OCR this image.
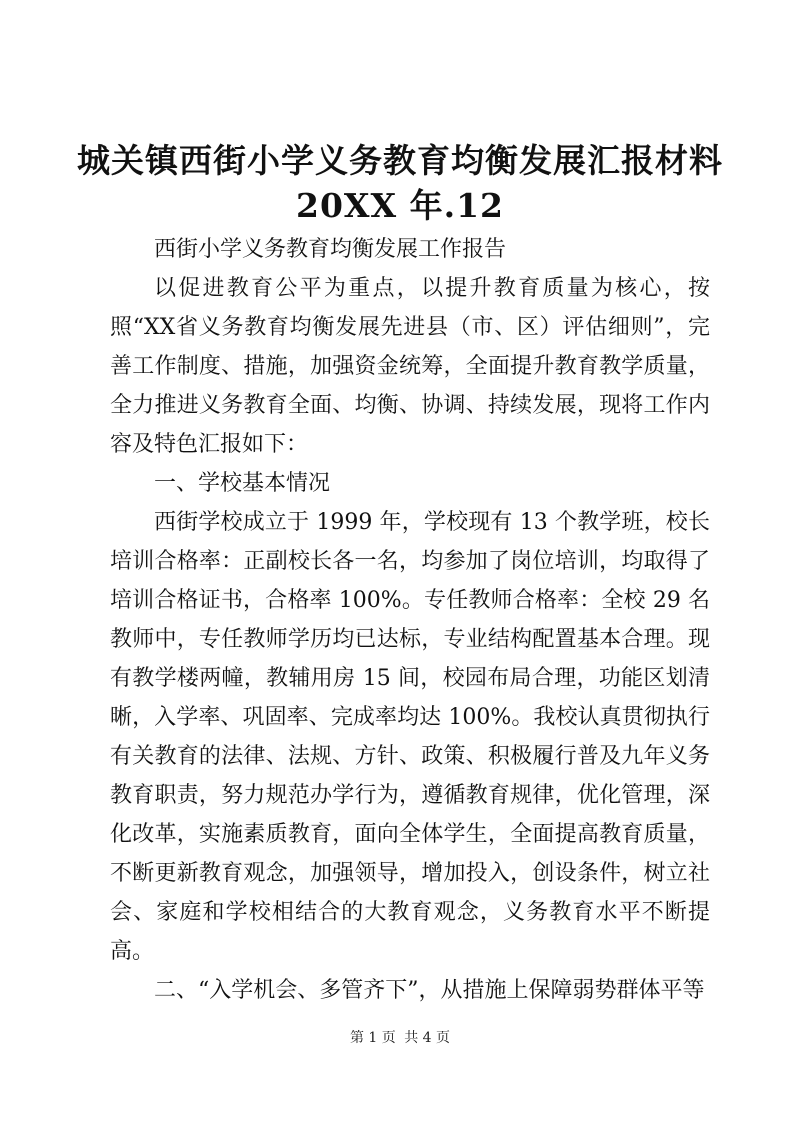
城关镇西街小学义务教育均衡发展汇报材料
20XX 年.12

西街小学义务教育均衡发展工作报告

以促进教育公平为重点，以提升教育质量为核心，按照“XX省义务教育均衡发展先进县（市、区）评估细则”，完善工作制度、措施，加强资金统筹，全面提升教育教学质量，全力推进义务教育全面、均衡、协调、持续发展，现将工作内容及特色汇报如下：

一、学校基本情况

西街学校成立于 1999 年，学校现有 13 个教学班，校长培训合格率：正副校长各一名，均参加了岗位培训，均取得了培训合格证书，合格率 100%。专任教师合格率：全校 29 名教师中，专任教师学历均已达标，专业结构配置基本合理。现有教学楼两幢，教辅用房 15 间，校园布局合理，功能区划清晰，入学率、巩固率、完成率均达 100%。我校认真贯彻执行有关教育的法律、法规、方针、政策、积极履行普及九年义务教育职责，努力规范办学行为，遵循教育规律，优化管理，深化改革，实施素质教育，面向全体学生，全面提高教育质量，不断更新教育观念，加强领导，增加投入，创设条件，树立社会、家庭和学校相结合的大教育观念，义务教育水平不断提高。

二、“入学机会、多管齐下”，从措施上保障弱势群体平等

第 1 页 共 4 页
